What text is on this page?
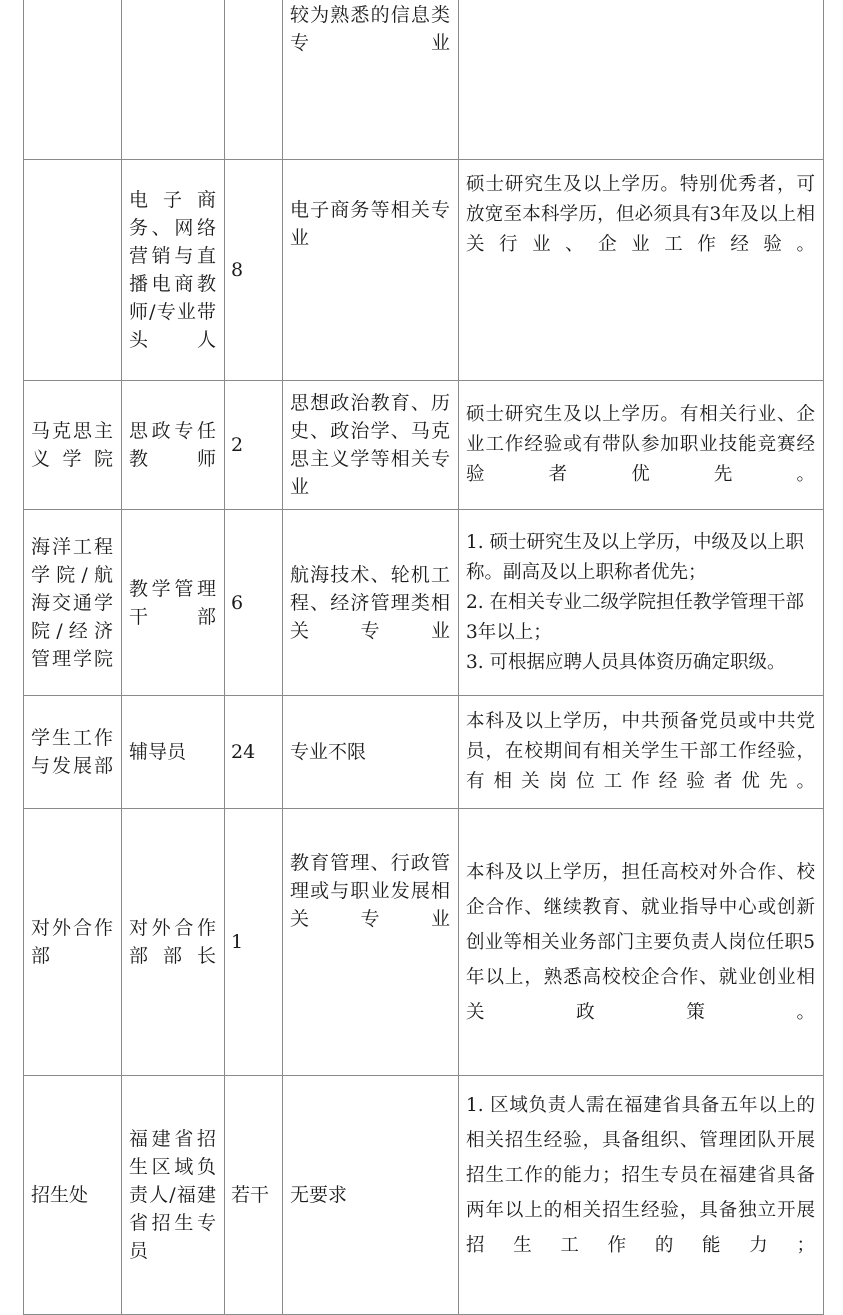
			较为熟悉的信息类专业	
	电子商务、网络营销与直播电商教师/专业带头人	8	电子商务等相关专业	硕士研究生及以上学历。特别优秀者，可放宽至本科学历，但必须具有3年及以上相关行业、企业工作经验。
马克思主义学院	思政专任教师	2	思想政治教育、历史、政治学、马克思主义学等相关专业	硕士研究生及以上学历。有相关行业、企业工作经验或有带队参加职业技能竞赛经验者优先。
海洋工程学院/航海交通学院/经济管理学院	教学管理干部	6	航海技术、轮机工程、经济管理类相关专业	1. 硕士研究生及以上学历，中级及以上职称。副高及以上职称者优先；
2. 在相关专业二级学院担任教学管理干部3年以上；
3. 可根据应聘人员具体资历确定职级。

学生工作与发展部	辅导员	24	专业不限	本科及以上学历，中共预备党员或中共党员，在校期间有相关学生干部工作经验，有相关岗位工作经验者优先。
对外合作部	对外合作部部长	1	教育管理、行政管理或与职业发展相关专业	本科及以上学历，担任高校对外合作、校企合作、继续教育、就业指导中心或创新创业等相关业务部门主要负责人岗位任职5年以上，熟悉高校校企合作、就业创业相关政策。
招生处	福建省招生区域负责人/福建省招生专员	若干	无要求	1. 区域负责人需在福建省具备五年以上的相关招生经验，具备组织、管理团队开展招生工作的能力；招生专员在福建省具备两年以上的相关招生经验，具备独立开展招生工作的能力；
